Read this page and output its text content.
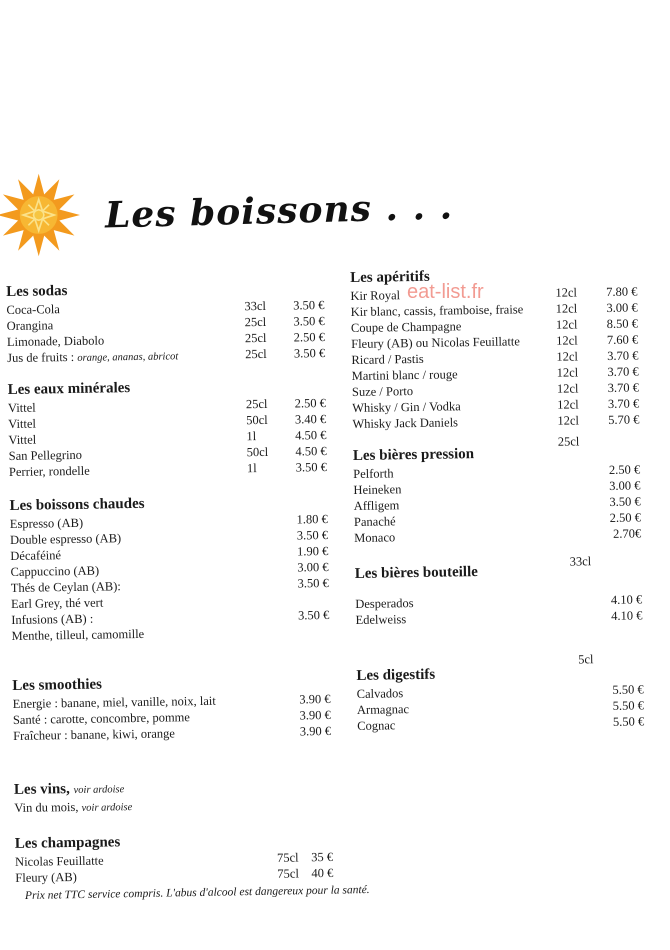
Les boissons . . .
eat-list.fr
Les sodas
Coca-Cola	33cl	3.50 €
Orangina	25cl	3.50 €
Limonade, Diabolo	25cl	2.50 €
Jus de fruits : orange, ananas, abricot	25cl	3.50 €
Les eaux minérales
Vittel	25cl	2.50 €
Vittel	50cl	3.40 €
Vittel	1l	4.50 €
San Pellegrino	50cl	4.50 €
Perrier, rondelle	1l	3.50 €
Les boissons chaudes
Espresso (AB)	1.80 €
Double espresso (AB)	3.50 €
Décaféiné	1.90 €
Cappuccino (AB)	3.00 €
Thés de Ceylan (AB):	3.50 €
Earl Grey, thé vert
Infusions (AB) :	3.50 €
Menthe, tilleul, camomille
Les smoothies
Energie : banane, miel, vanille, noix, lait	3.90 €
Santé : carotte, concombre, pomme	3.90 €
Fraîcheur : banane, kiwi, orange	3.90 €
Les vins, voir ardoise
Vin du mois, voir ardoise
Les champagnes
Nicolas Feuillatte	75cl 35 €
Fleury (AB)	75cl 40 €
Les apéritifs
Kir Royal	12cl	7.80 €
Kir blanc, cassis, framboise, fraise	12cl	3.00 €
Coupe de Champagne	12cl	8.50 €
Fleury (AB) ou Nicolas Feuillatte	12cl	7.60 €
Ricard / Pastis	12cl	3.70 €
Martini blanc / rouge	12cl	3.70 €
Suze / Porto	12cl	3.70 €
Whisky / Gin / Vodka	12cl	3.70 €
Whisky Jack Daniels	12cl	5.70 €
25cl
Les bières pression
Pelforth	2.50 €
Heineken	3.00 €
Affligem	3.50 €
Panaché	2.50 €
Monaco	2.70€
33cl
Les bières bouteille
Desperados	4.10 €
Edelweiss	4.10 €
5cl
Les digestifs
Calvados	5.50 €
Armagnac	5.50 €
Cognac	5.50 €
Prix net TTC service compris. L'abus d'alcool est dangereux pour la santé.
